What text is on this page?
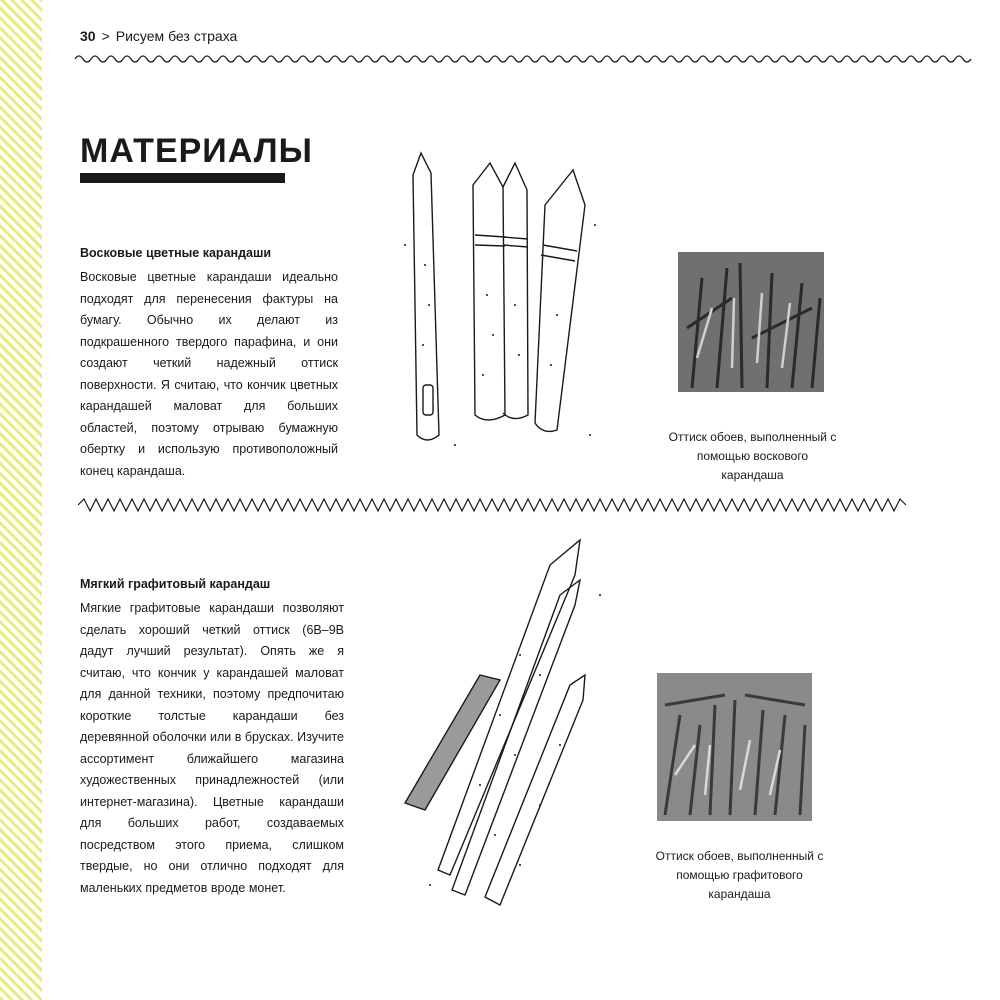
30 > Рисуем без страха
МАТЕРИАЛЫ
Восковые цветные карандаши

Восковые цветные карандаши идеально подходят для перенесения фактуры на бумагу. Обычно их делают из подкрашенного твердого парафина, и они создают четкий надежный оттиск поверхности. Я считаю, что кончик цветных карандашей маловат для больших областей, поэтому отрываю бумажную обертку и использую противоположный конец карандаша.

Оттиск обоев, выполненный с помощью воскового карандаша

Мягкий графитовый карандаш

Мягкие графитовые карандаши позволяют сделать хороший четкий оттиск (6B–9B дадут лучший результат). Опять же я считаю, что кончик у карандашей маловат для данной техники, поэтому предпочитаю короткие толстые карандаши без деревянной оболочки или в брусках. Изучите ассортимент ближайшего магазина художественных принадлежностей (или интернет-магазина). Цветные карандаши для больших работ, создаваемых посредством этого приема, слишком твердые, но они отлично подходят для маленьких предметов вроде монет.

Оттиск обоев, выполненный с помощью графитового карандаша
